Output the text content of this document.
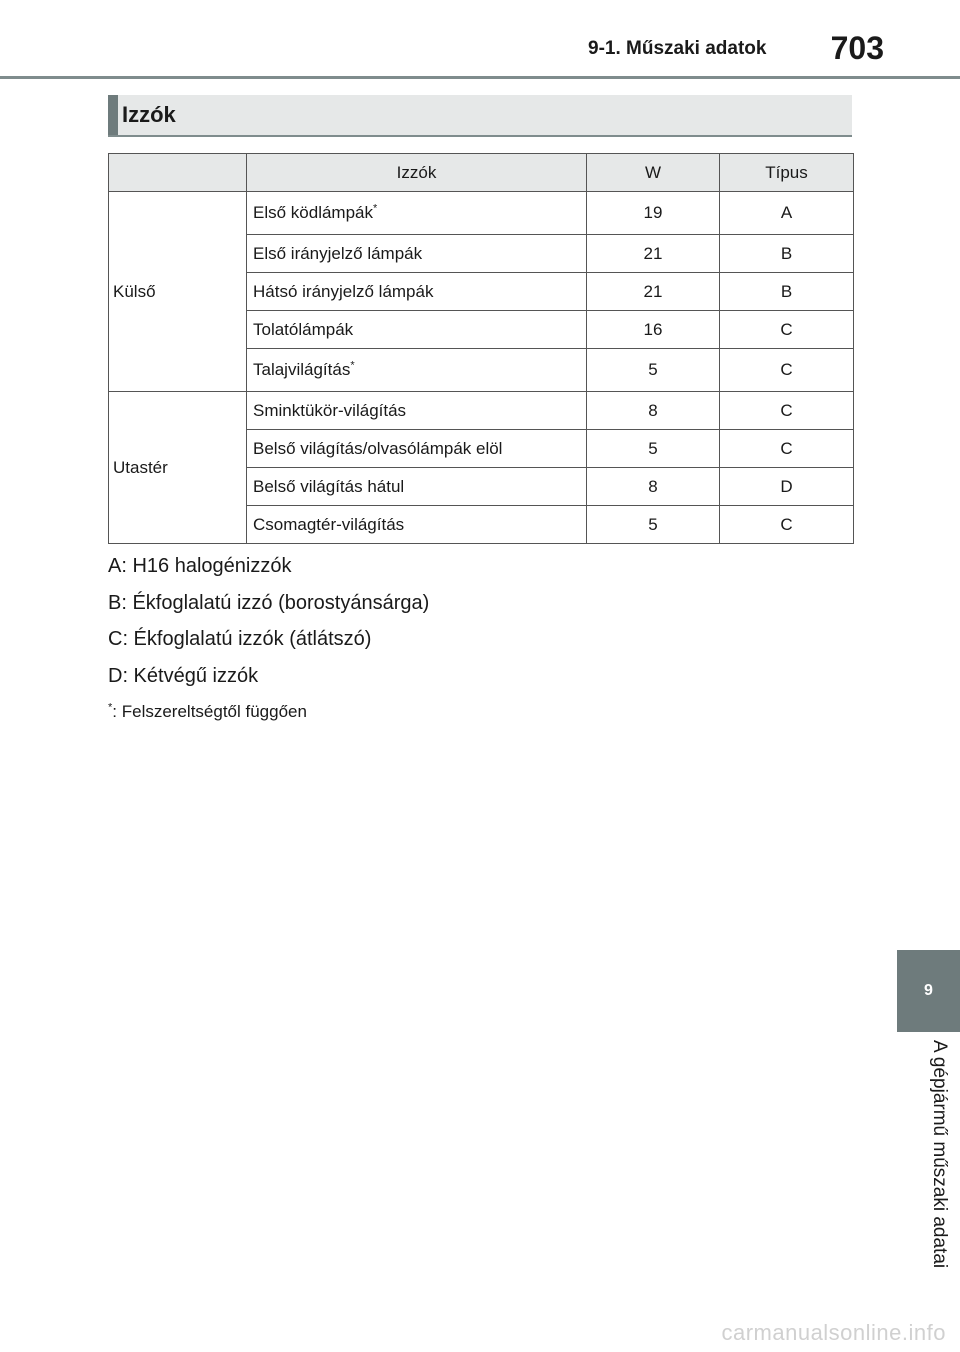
9-1. Műszaki adatok 703
Izzók
	Izzók	W	Típus
Külső	Első ködlámpák*	19	A
	Első irányjelző lámpák	21	B
	Hátsó irányjelző lámpák	21	B
	Tolatólámpák	16	C
	Talajvilágítás*	5	C
Utastér	Sminktükör-világítás	8	C
	Belső világítás/olvasólámpák elöl	5	C
	Belső világítás hátul	8	D
	Csomagtér-világítás	5	C
A: H16 halogénizzók
B: Ékfoglalatú izzó (borostyánsárga)
C: Ékfoglalatú izzók (átlátszó)
D: Kétvégű izzók
*: Felszereltségtől függően
9
A gépjármű műszaki adatai
carmanualsonline.info
